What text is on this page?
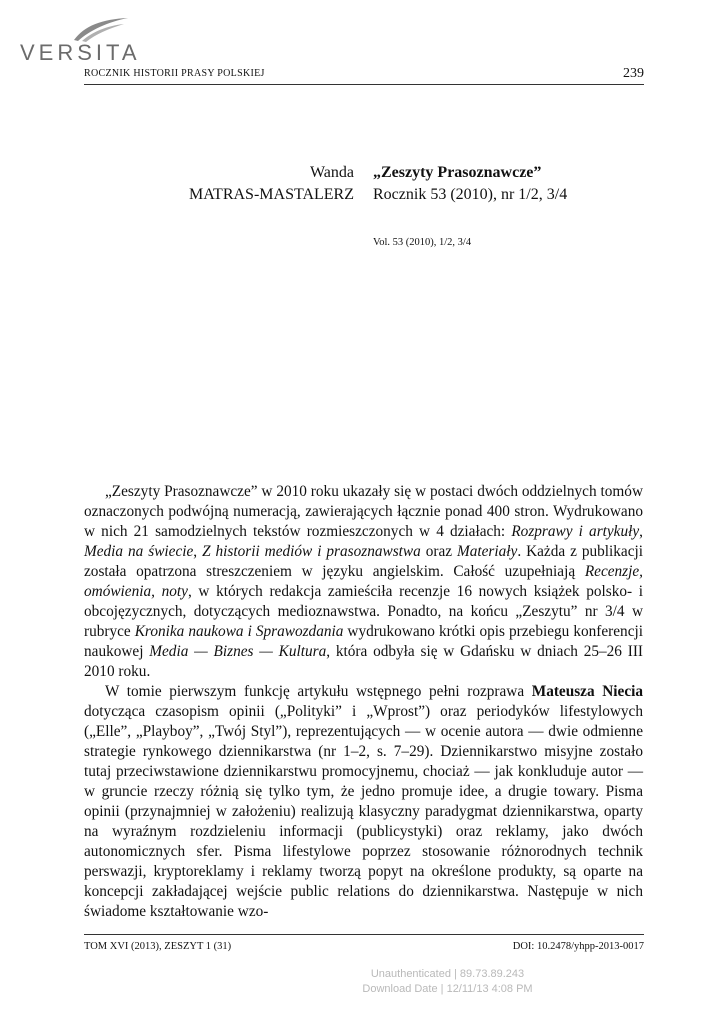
VERSITA
ROCZNIK HISTORII PRASY POLSKIEJ	239
Wanda
MATRAS-MASTALERZ
„Zeszyty Prasoznawcze”
Rocznik 53 (2010), nr 1/2, 3/4
Vol. 53 (2010), 1/2, 3/4

„Zeszyty Prasoznawcze” w 2010 roku ukazały się w postaci dwóch oddzielnych tomów oznaczonych podwójną numeracją, zawierających łącznie ponad 400 stron. Wydrukowano w nich 21 samodzielnych tekstów rozmieszczonych w 4 działach: Rozprawy i artykuły, Media na świecie, Z historii mediów i prasoznawstwa oraz Materiały. Każda z publikacji została opatrzona streszczeniem w języku angielskim. Całość uzupełniają Recenzje, omówienia, noty, w których redakcja zamieściła recenzje 16 nowych książek polsko- i obcojęzycznych, dotyczących medioznawstwa. Ponadto, na końcu „Zeszytu” nr 3/4 w rubryce Kronika naukowa i Sprawozdania wydrukowano krótki opis przebiegu konferencji naukowej Media — Biznes — Kultura, która odbyła się w Gdańsku w dniach 25–26 III 2010 roku.

W tomie pierwszym funkcję artykułu wstępnego pełni rozprawa Mateusza Niecia dotycząca czasopism opinii („Polityki” i „Wprost”) oraz periodyków lifestylowych („Elle”, „Playboy”, „Twój Styl”), reprezentujących — w ocenie autora — dwie odmienne strategie rynkowego dziennikarstwa (nr 1–2, s. 7–29). Dziennikarstwo misyjne zostało tutaj przeciwstawione dziennikarstwu promocyjnemu, chociaż — jak konkluduje autor — w gruncie rzeczy różnią się tylko tym, że jedno promuje idee, a drugie towary. Pisma opinii (przynajmniej w założeniu) realizują klasyczny paradygmat dziennikarstwa, oparty na wyraźnym rozdzieleniu informacji (publicystyki) oraz reklamy, jako dwóch autonomicznych sfer. Pisma lifestylowe poprzez stosowanie różnorodnych technik perswazji, kryptoreklamy i reklamy tworzą popyt na określone produkty, są oparte na koncepcji zakładającej wejście public relations do dziennikarstwa. Następuje w nich świadome kształtowanie wzo-

TOM XVI (2013), ZESZYT 1 (31)	DOI: 10.2478/yhpp-2013-0017
Unauthenticated | 89.73.89.243
Download Date | 12/11/13 4:08 PM
